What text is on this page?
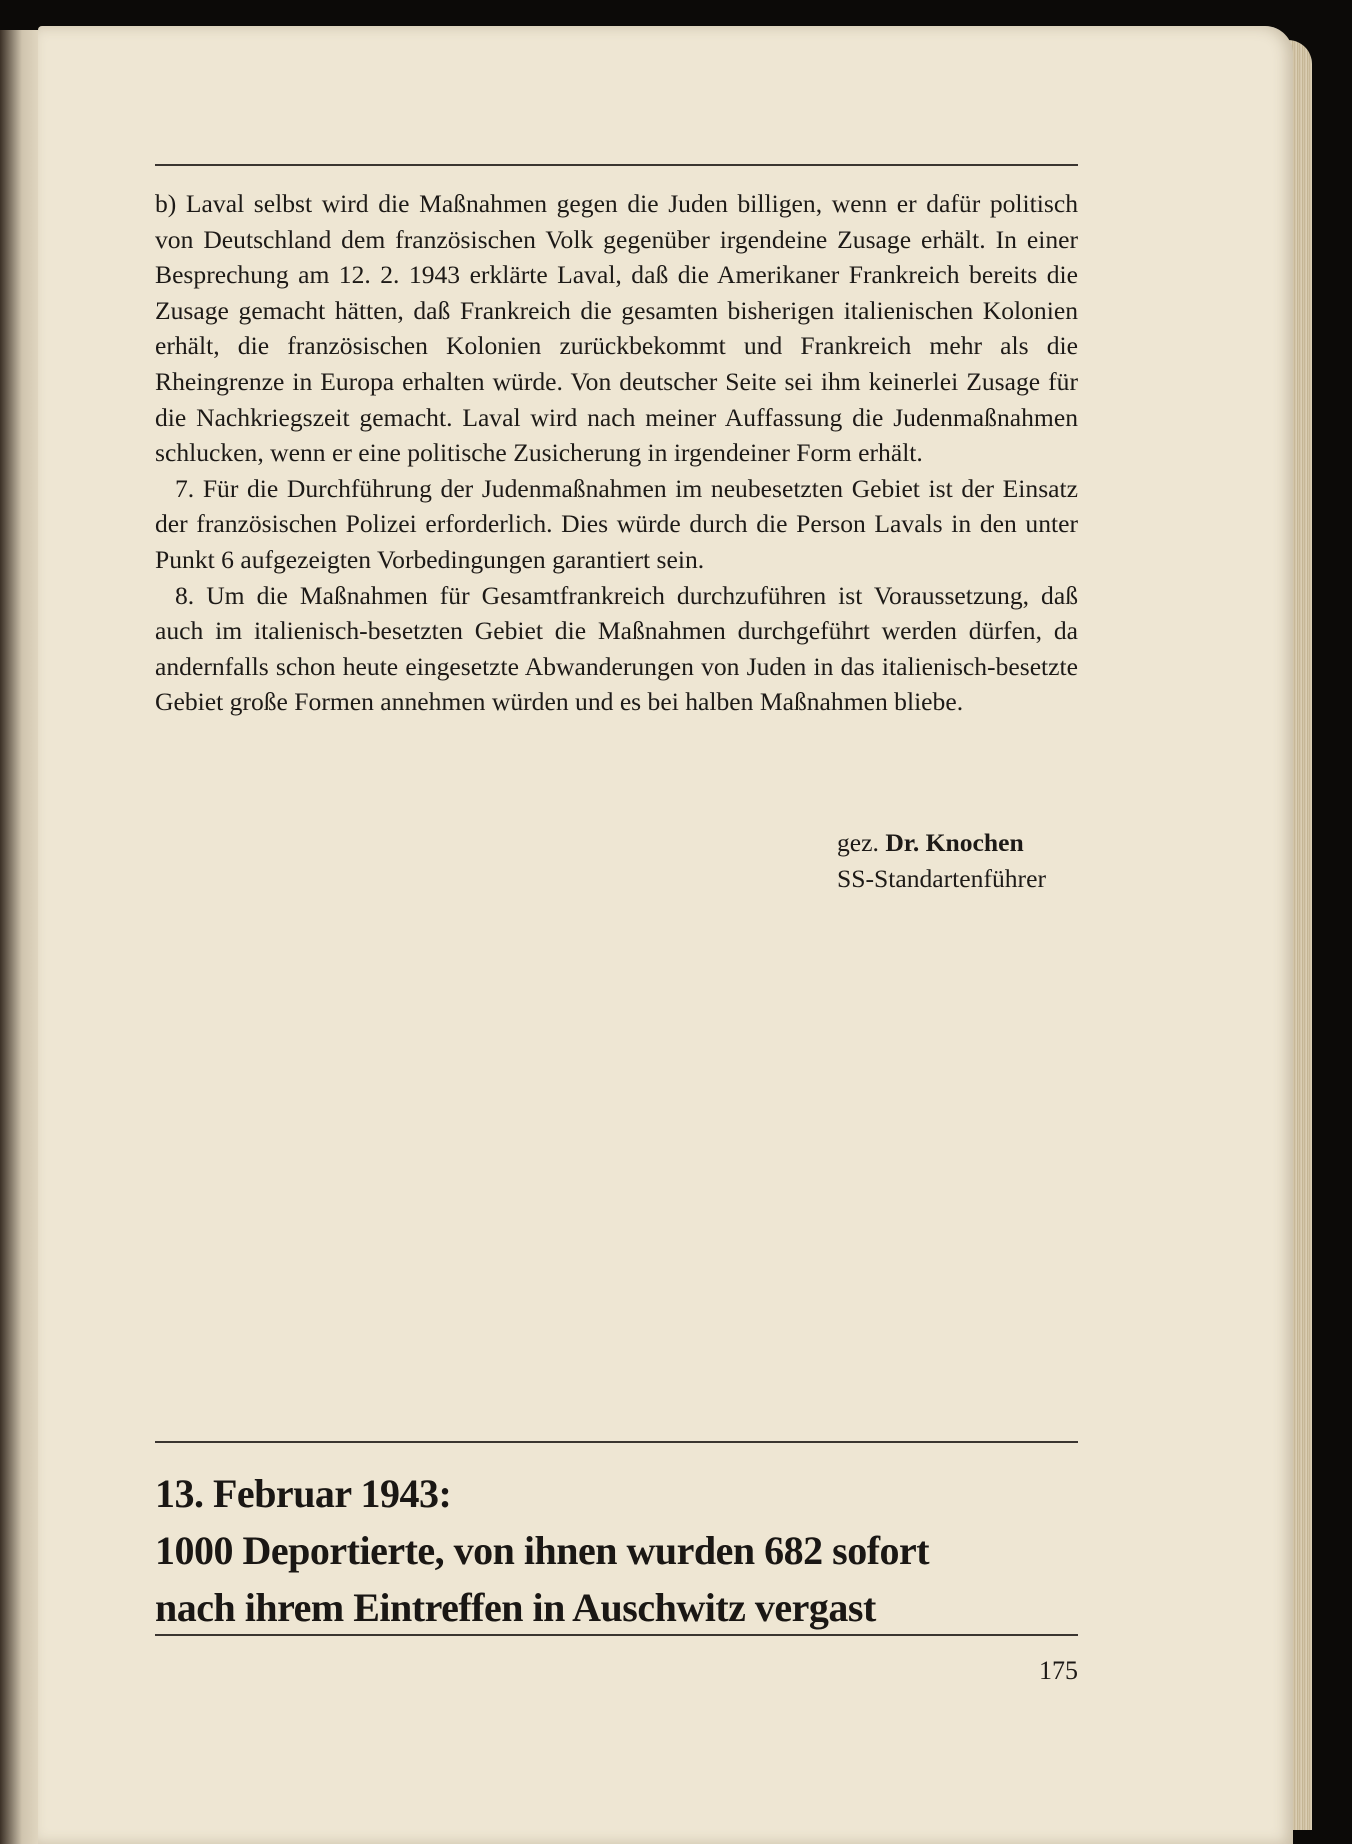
b) Laval selbst wird die Maßnahmen gegen die Juden billigen, wenn er dafür politisch von Deutschland dem französischen Volk gegenüber irgendeine Zusage erhält. In einer Besprechung am 12. 2. 1943 erklärte Laval, daß die Amerikaner Frankreich bereits die Zusage gemacht hätten, daß Frankreich die gesamten bisherigen italienischen Kolonien erhält, die französischen Kolonien zurückbekommt und Frankreich mehr als die Rheingrenze in Europa erhalten würde. Von deutscher Seite sei ihm keinerlei Zusage für die Nachkriegszeit gemacht. Laval wird nach meiner Auffassung die Judenmaßnahmen schlucken, wenn er eine politische Zusicherung in irgendeiner Form erhält.

7. Für die Durchführung der Judenmaßnahmen im neubesetzten Gebiet ist der Einsatz der französischen Polizei erforderlich. Dies würde durch die Person Lavals in den unter Punkt 6 aufgezeigten Vorbedingungen garantiert sein.

8. Um die Maßnahmen für Gesamtfrankreich durchzuführen ist Voraussetzung, daß auch im italienisch-besetzten Gebiet die Maßnahmen durchgeführt werden dürfen, da andernfalls schon heute eingesetzte Abwanderungen von Juden in das italienisch-besetzte Gebiet große Formen annehmen würden und es bei halben Maßnahmen bliebe.

gez. Dr. Knochen
SS-Standartenführer
13. Februar 1943:
1000 Deportierte, von ihnen wurden 682 sofort
nach ihrem Eintreffen in Auschwitz vergast
175
